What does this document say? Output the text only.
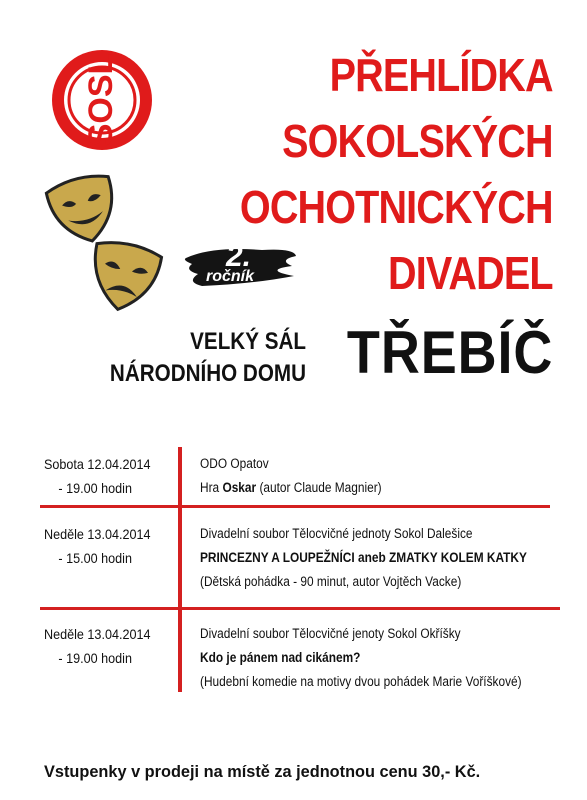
SOSL	PŘEHLÍDKA
SOKOLSKÝCH
OCHOTNICKÝCH
DIVADEL
2.
ročník
VELKÝ SÁL
NÁRODNÍHO DOMU TŘEBÍČ
Sobota 12.04.2014
- 19.00 hodin
ODO Opatov
Hra Oskar (autor Claude Magnier)
Neděle 13.04.2014
- 15.00 hodin
Divadelní soubor Tělocvičné jednoty Sokol Dalešice
PRINCEZNY A LOUPEŽNÍCI aneb ZMATKY KOLEM KATKY
(Dětská pohádka - 90 minut, autor Vojtěch Vacke)
Neděle 13.04.2014
- 19.00 hodin
Divadelní soubor Tělocvičné jenoty Sokol Okříšky
Kdo je pánem nad cikánem?
(Hudební komedie na motivy dvou pohádek Marie Voříškové)
Vstupenky v prodeji na místě za jednotnou cenu 30,- Kč.
